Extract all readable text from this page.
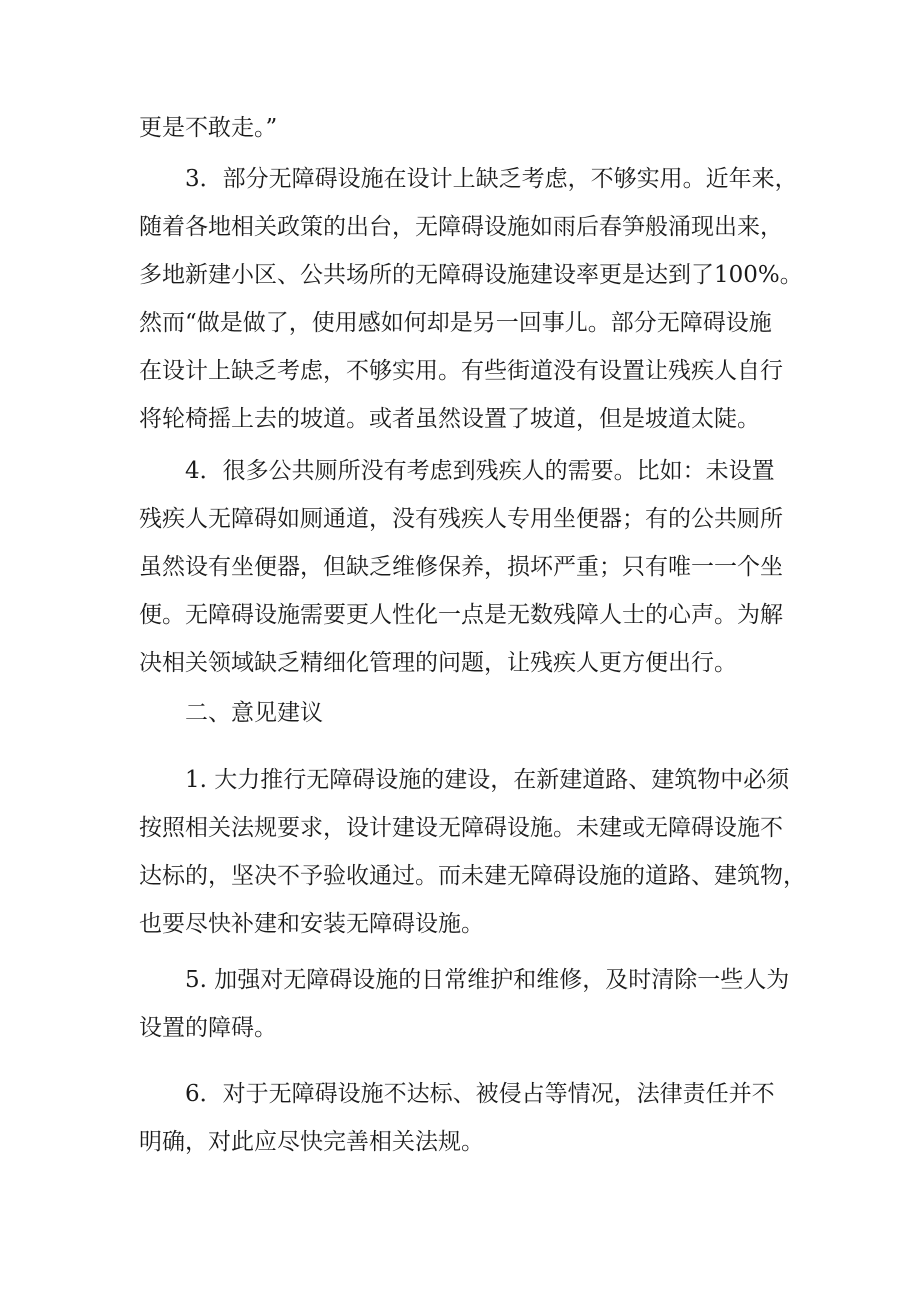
更是不敢走。”
3．部分无障碍设施在设计上缺乏考虑，不够实用。近年来，
随着各地相关政策的出台，无障碍设施如雨后春笋般涌现出来，
多地新建小区、公共场所的无障碍设施建设率更是达到了100%。
然而“做是做了，使用感如何却是另一回事儿。部分无障碍设施
在设计上缺乏考虑，不够实用。有些街道没有设置让残疾人自行
将轮椅摇上去的坡道。或者虽然设置了坡道，但是坡道太陡。
4．很多公共厕所没有考虑到残疾人的需要。比如：未设置
残疾人无障碍如厕通道，没有残疾人专用坐便器；有的公共厕所
虽然设有坐便器，但缺乏维修保养，损坏严重；只有唯一一个坐
便。无障碍设施需要更人性化一点是无数残障人士的心声。为解
决相关领域缺乏精细化管理的问题，让残疾人更方便出行。
二、意见建议
1. 大力推行无障碍设施的建设，在新建道路、建筑物中必须
按照相关法规要求，设计建设无障碍设施。未建或无障碍设施不
达标的，坚决不予验收通过。而未建无障碍设施的道路、建筑物，
也要尽快补建和安装无障碍设施。
5. 加强对无障碍设施的日常维护和维修，及时清除一些人为
设置的障碍。
6．对于无障碍设施不达标、被侵占等情况，法律责任并不
明确，对此应尽快完善相关法规。
